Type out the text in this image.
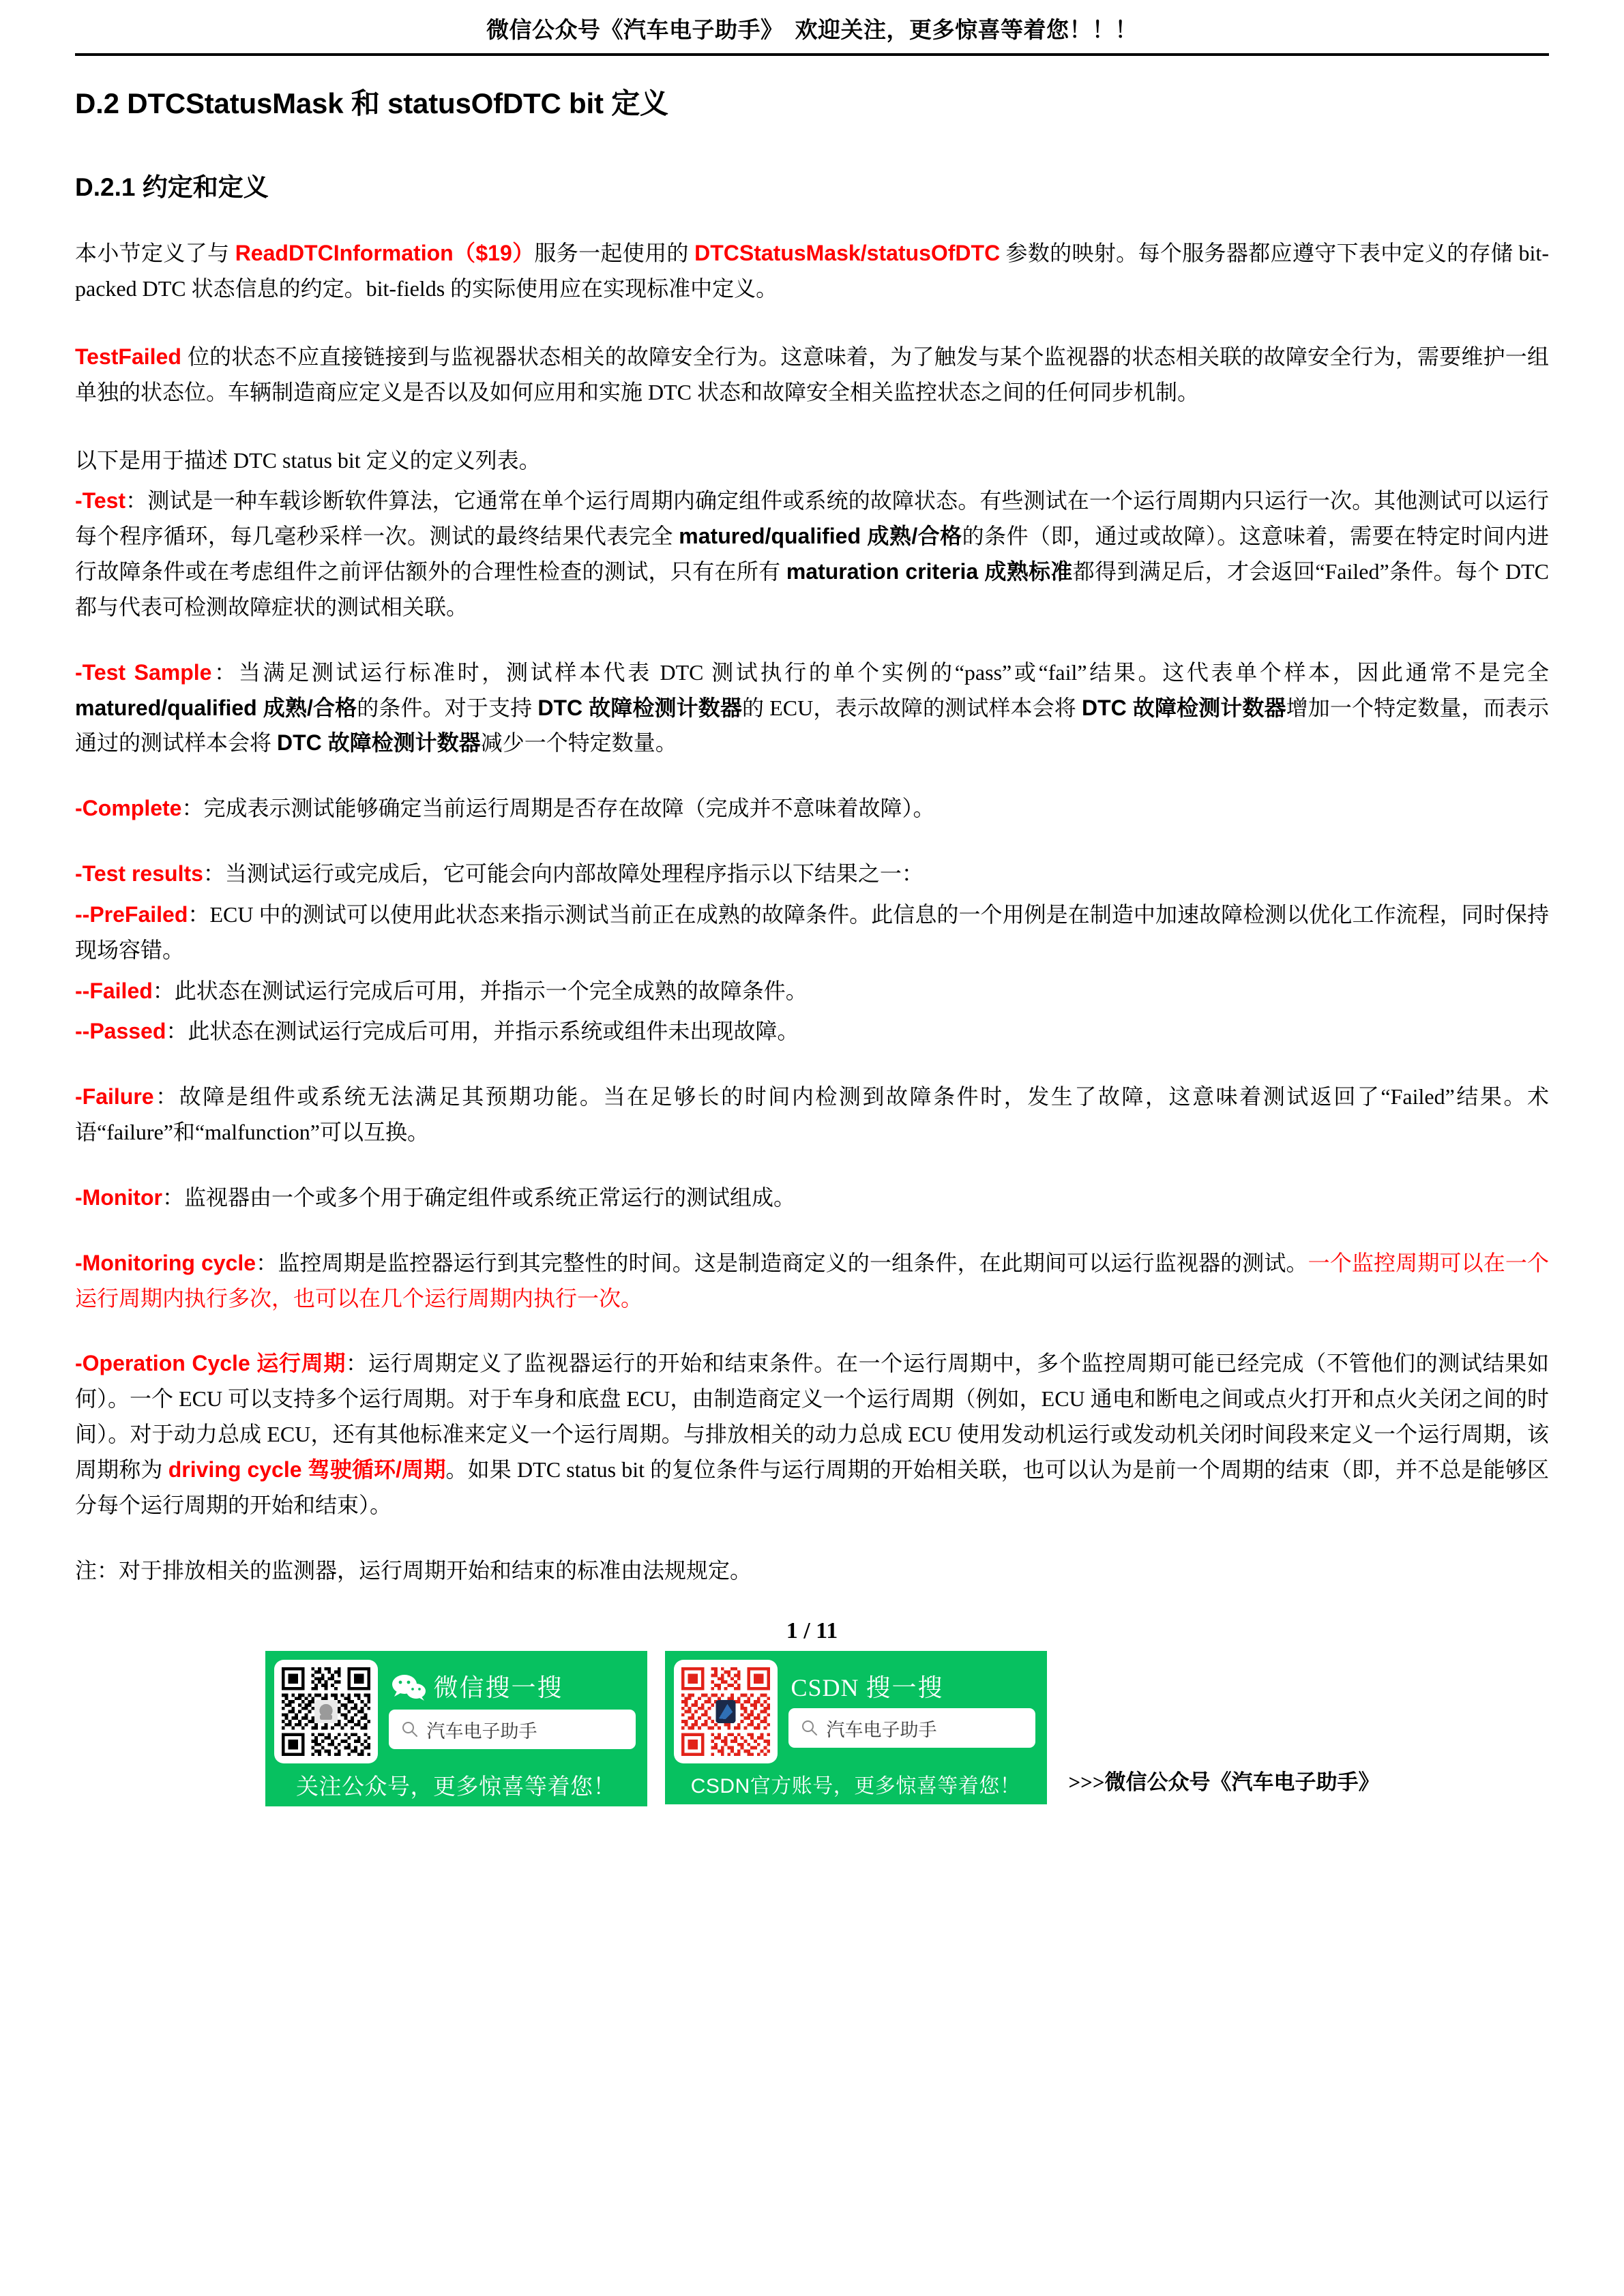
微信公众号《汽车电子助手》　欢迎关注，更多惊喜等着您！！！
D.2 DTCStatusMask 和 statusOfDTC bit 定义
D.2.1 约定和定义

本小节定义了与 ReadDTCInformation（$19）服务一起使用的 DTCStatusMask/statusOfDTC 参数的映射。每个服务器都应遵守下表中定义的存储 bit-packed DTC 状态信息的约定。bit-fields 的实际使用应在实现标准中定义。

TestFailed 位的状态不应直接链接到与监视器状态相关的故障安全行为。这意味着，为了触发与某个监视器的状态相关联的故障安全行为，需要维护一组单独的状态位。车辆制造商应定义是否以及如何应用和实施 DTC 状态和故障安全相关监控状态之间的任何同步机制。

以下是用于描述 DTC status bit 定义的定义列表。

-Test：测试是一种车载诊断软件算法，它通常在单个运行周期内确定组件或系统的故障状态。有些测试在一个运行周期内只运行一次。其他测试可以运行每个程序循环，每几毫秒采样一次。测试的最终结果代表完全 matured/qualified 成熟/合格的条件（即，通过或故障）。这意味着，需要在特定时间内进行故障条件或在考虑组件之前评估额外的合理性检查的测试，只有在所有 maturation criteria 成熟标准都得到满足后，才会返回“Failed”条件。每个 DTC 都与代表可检测故障症状的测试相关联。

-Test Sample：当满足测试运行标准时，测试样本代表 DTC 测试执行的单个实例的“pass”或“fail”结果。这代表单个样本，因此通常不是完全 matured/qualified 成熟/合格的条件。对于支持 DTC 故障检测计数器的 ECU，表示故障的测试样本会将 DTC 故障检测计数器增加一个特定数量，而表示通过的测试样本会将 DTC 故障检测计数器减少一个特定数量。

-Complete：完成表示测试能够确定当前运行周期是否存在故障（完成并不意味着故障）。

-Test results：当测试运行或完成后，它可能会向内部故障处理程序指示以下结果之一：

--PreFailed：ECU 中的测试可以使用此状态来指示测试当前正在成熟的故障条件。此信息的一个用例是在制造中加速故障检测以优化工作流程，同时保持现场容错。

--Failed：此状态在测试运行完成后可用，并指示一个完全成熟的故障条件。

--Passed：此状态在测试运行完成后可用，并指示系统或组件未出现故障。

-Failure：故障是组件或系统无法满足其预期功能。当在足够长的时间内检测到故障条件时，发生了故障，这意味着测试返回了“Failed”结果。术语“failure”和“malfunction”可以互换。

-Monitor：监视器由一个或多个用于确定组件或系统正常运行的测试组成。

-Monitoring cycle：监控周期是监控器运行到其完整性的时间。这是制造商定义的一组条件，在此期间可以运行监视器的测试。一个监控周期可以在一个运行周期内执行多次，也可以在几个运行周期内执行一次。

-Operation Cycle 运行周期：运行周期定义了监视器运行的开始和结束条件。在一个运行周期中，多个监控周期可能已经完成（不管他们的测试结果如何）。一个 ECU 可以支持多个运行周期。对于车身和底盘 ECU，由制造商定义一个运行周期（例如，ECU 通电和断电之间或点火打开和点火关闭之间的时间）。对于动力总成 ECU，还有其他标准来定义一个运行周期。与排放相关的动力总成 ECU 使用发动机运行或发动机关闭时间段来定义一个运行周期，该周期称为 driving cycle 驾驶循环/周期。如果 DTC status bit 的复位条件与运行周期的开始相关联，也可以认为是前一个周期的结束（即，并不总是能够区分每个运行周期的开始和结束）。

注：对于排放相关的监测器，运行周期开始和结束的标准由法规规定。

1 / 11
微信搜一搜
汽车电子助手
关注公众号，更多惊喜等着您！
CSDN 搜一搜
汽车电子助手
CSDN官方账号，更多惊喜等着您！	>>>微信公众号《汽车电子助手》
